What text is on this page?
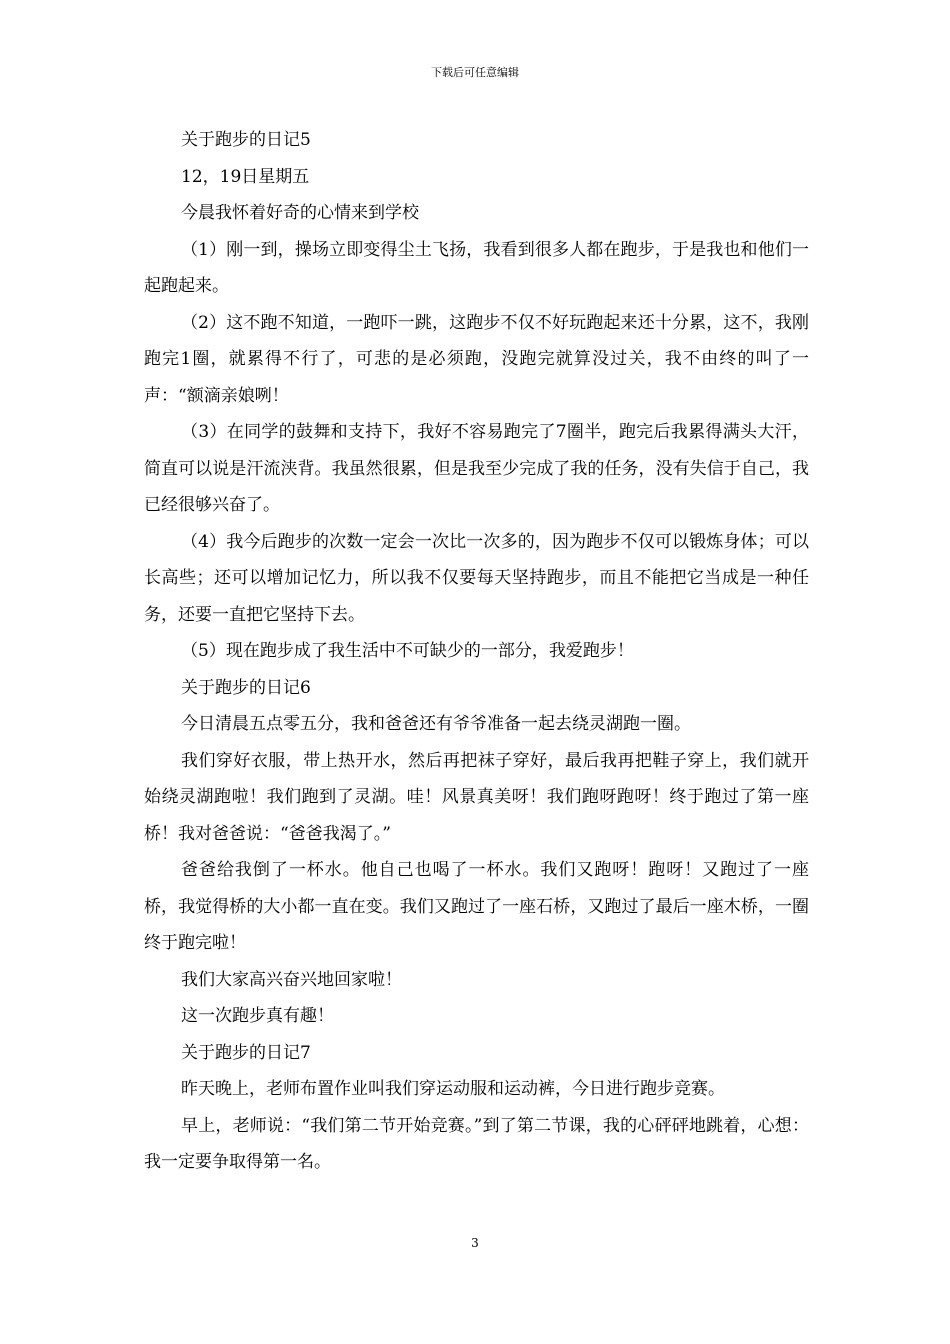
下载后可任意编辑

关于跑步的日记5

12，19日星期五

今晨我怀着好奇的心情来到学校

（1）刚一到，操场立即变得尘土飞扬，我看到很多人都在跑步，于是我也和他们一起跑起来。

（2）这不跑不知道，一跑吓一跳，这跑步不仅不好玩跑起来还十分累，这不，我刚跑完1圈，就累得不行了，可悲的是必须跑，没跑完就算没过关，我不由终的叫了一声：“额滴亲娘咧！

（3）在同学的鼓舞和支持下，我好不容易跑完了7圈半，跑完后我累得满头大汗，简直可以说是汗流浃背。我虽然很累，但是我至少完成了我的任务，没有失信于自己，我已经很够兴奋了。

（4）我今后跑步的次数一定会一次比一次多的，因为跑步不仅可以锻炼身体；可以长高些；还可以增加记忆力，所以我不仅要每天坚持跑步，而且不能把它当成是一种任务，还要一直把它坚持下去。

（5）现在跑步成了我生活中不可缺少的一部分，我爱跑步！

关于跑步的日记6

今日清晨五点零五分，我和爸爸还有爷爷准备一起去绕灵湖跑一圈。

我们穿好衣服，带上热开水，然后再把袜子穿好，最后我再把鞋子穿上，我们就开始绕灵湖跑啦！我们跑到了灵湖。哇！风景真美呀！我们跑呀跑呀！终于跑过了第一座桥！我对爸爸说：“爸爸我渴了。”

爸爸给我倒了一杯水。他自己也喝了一杯水。我们又跑呀！跑呀！又跑过了一座桥，我觉得桥的大小都一直在变。我们又跑过了一座石桥，又跑过了最后一座木桥，一圈终于跑完啦！

我们大家高兴奋兴地回家啦！

这一次跑步真有趣！

关于跑步的日记7

昨天晚上，老师布置作业叫我们穿运动服和运动裤，今日进行跑步竞赛。

早上，老师说：“我们第二节开始竞赛。”到了第二节课，我的心砰砰地跳着，心想：我一定要争取得第一名。

3
